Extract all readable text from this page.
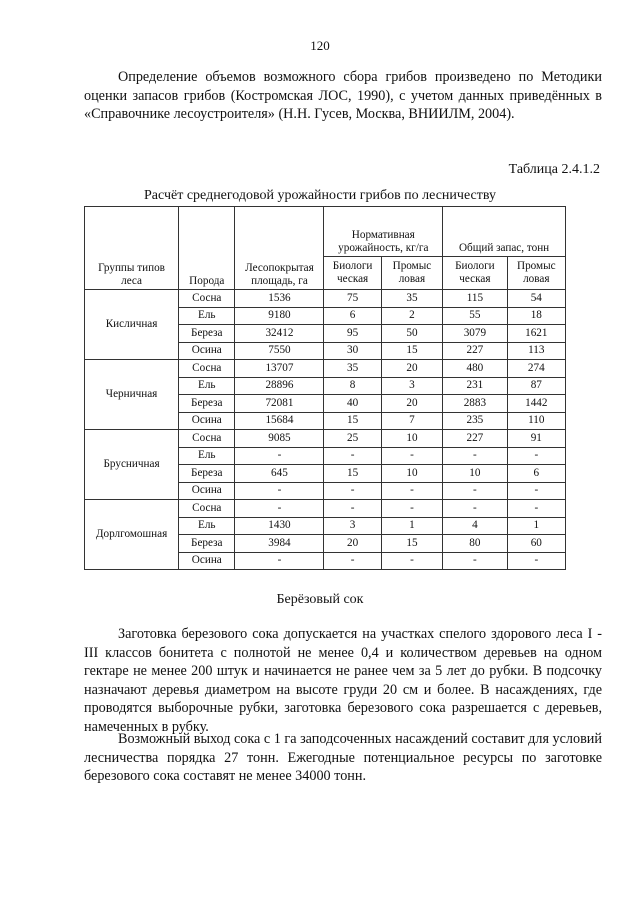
120

Определение объемов возможного сбора грибов произведено по Методики оценки запасов грибов (Костромская ЛОС, 1990), с учетом данных приведённых в «Справочнике лесоустроителя» (Н.Н. Гусев, Москва, ВНИИЛМ, 2004).

Таблица 2.4.1.2
Расчёт среднегодовой урожайности грибов по лесничеству
Группы типов леса	Порода	Лесопокрытая площадь, га				
			Нормативная урожайность, кг/га		Общий запас, тонн	
			Биологи ческая	Промыс ловая	Биологи ческая	Промыс ловая
Кисличная	Сосна	1536	75	35	115	54
	Ель	9180	6	2	55	18
	Береза	32412	95	50	3079	1621
	Осина	7550	30	15	227	113
Черничная	Сосна	13707	35	20	480	274
	Ель	28896	8	3	231	87
	Береза	72081	40	20	2883	1442
	Осина	15684	15	7	235	110
Брусничная	Сосна	9085	25	10	227	91
	Ель	-	-	-	-	-
	Береза	645	15	10	10	6
	Осина	-	-	-	-	-
Дорлгомошная	Сосна	-	-	-	-	-
	Ель	1430	3	1	4	1
	Береза	3984	20	15	80	60
	Осина	-	-	-	-	-
Берёзовый сок

Заготовка березового сока допускается на участках спелого здорового леса I - III классов бонитета с полнотой не менее 0,4 и количеством деревьев на одном гектаре не менее 200 штук и начинается не ранее чем за 5 лет до рубки. В подсочку назначают деревья диаметром на высоте груди 20 см и более. В насаждениях, где проводятся выборочные рубки, заготовка березового сока разрешается с деревьев, намеченных в рубку.

Возможный выход сока с 1 га заподсоченных насаждений составит для условий лесничества порядка 27 тонн. Ежегодные потенциальное ресурсы по заготовке березового сока составят не менее 34000 тонн.
